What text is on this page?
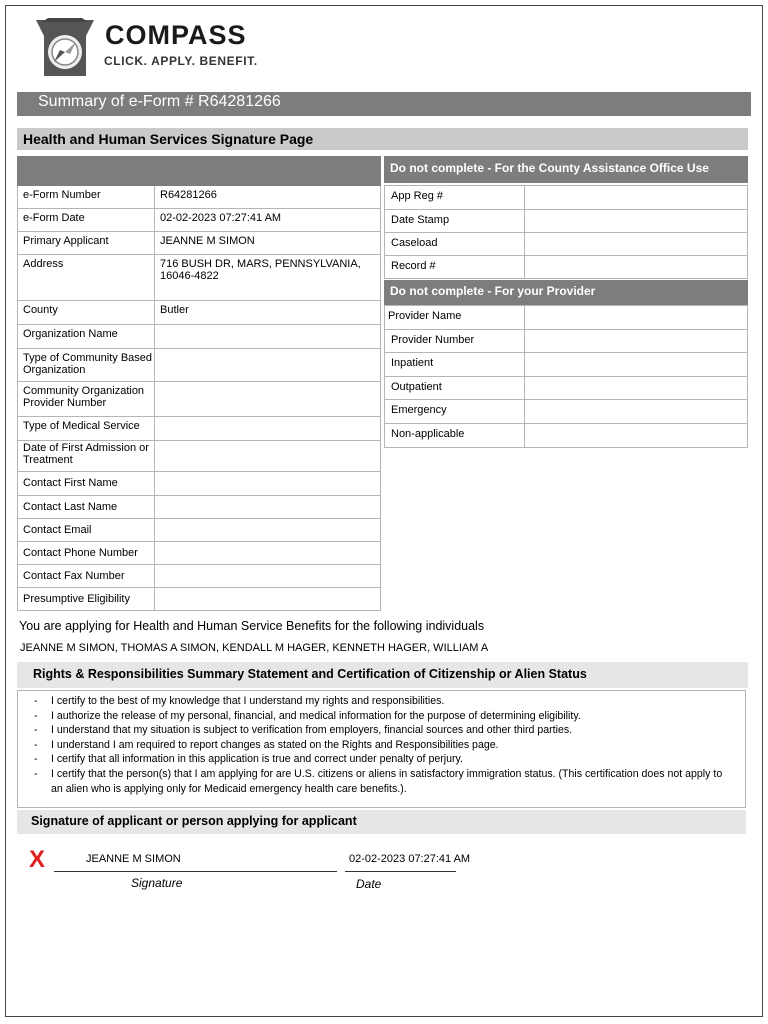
COMPASS
CLICK. APPLY. BENEFIT.
Summary of e-Form # R64281266
Health and Human Services Signature Page

e-Form Number	R64281266
e-Form Date	02-02-2023 07:27:41 AM
Primary Applicant	JEANNE M SIMON
Address	716 BUSH DR, MARS, PENNSYLVANIA, 16046-4822
County	Butler
Organization Name	
Type of Community Based Organization	
Community Organization Provider Number	
Type of Medical Service	
Date of First Admission or Treatment	
Contact First Name	
Contact Last Name	
Contact Email	
Contact Phone Number	
Contact Fax Number	
Presumptive Eligibility	
Do not complete - For the County Assistance Office Use
App Reg #	
Date Stamp	
Caseload	
Record #	
Do not complete - For your Provider
Provider Name	
Provider Number	
Inpatient	
Outpatient	
Emergency	
Non-applicable	
You are applying for Health and Human Service Benefits for the following individuals
JEANNE M SIMON, THOMAS A SIMON, KENDALL M HAGER, KENNETH HAGER, WILLIAM A
Rights & Responsibilities Summary Statement and Certification of Citizenship or Alien Status
- I certify to the best of my knowledge that I understand my rights and responsibilities.
- I authorize the release of my personal, financial, and medical information for the purpose of determining eligibility.
- I understand that my situation is subject to verification from employers, financial sources and other third parties.
- I understand I am required to report changes as stated on the Rights and Responsibilities page.
- I certify that all information in this application is true and correct under penalty of perjury.
- I certify that the person(s) that I am applying for are U.S. citizens or aliens in satisfactory immigration status. (This certification does not apply to an alien who is applying only for Medicaid emergency health care benefits.).
Signature of applicant or person applying for applicant
X	JEANNE M SIMON
Signature
02-02-2023 07:27:41 AM
Date
